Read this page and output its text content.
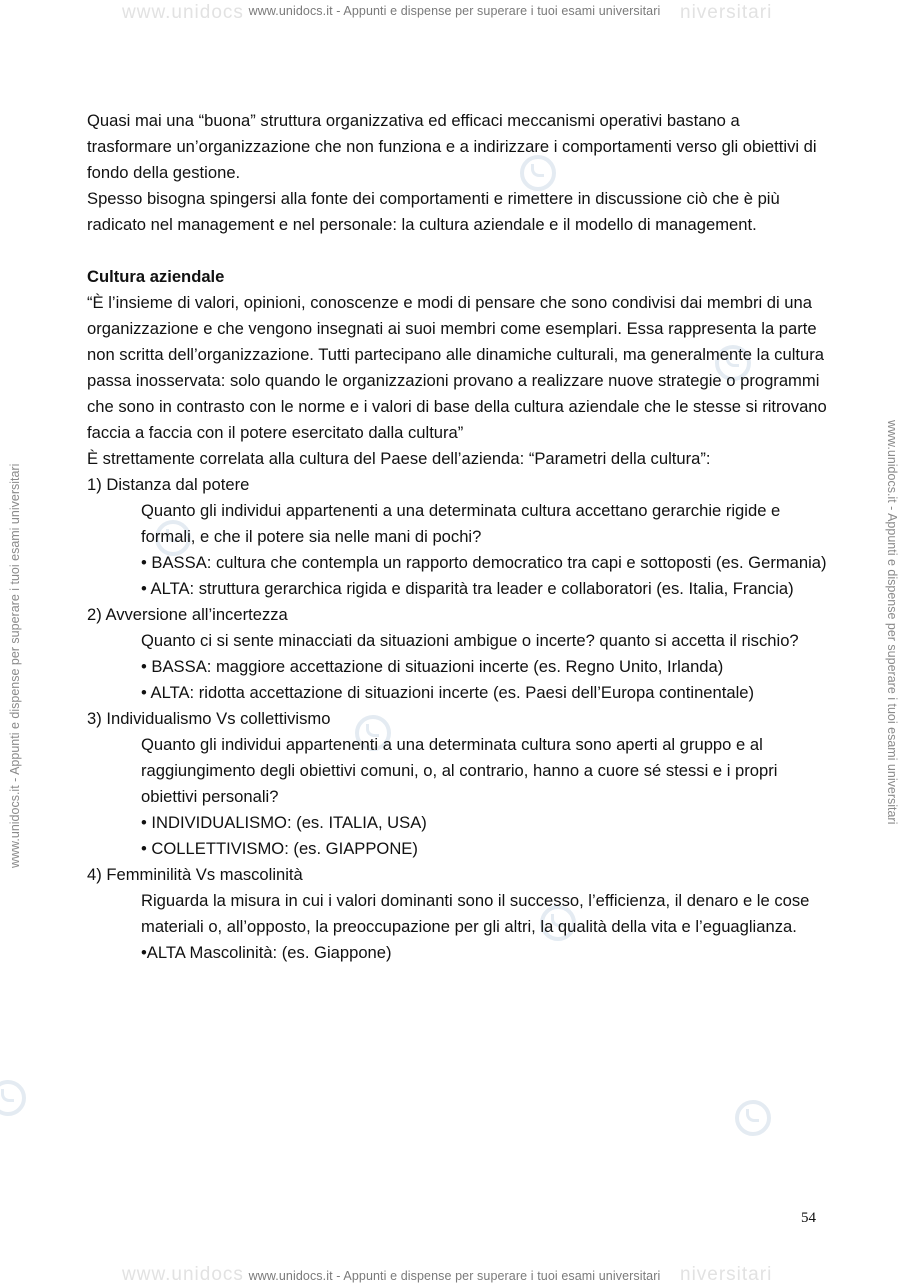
www.unidocs	niversitari
www.unidocs.it - Appunti e dispense per superare i tuoi esami universitari
www.unidocs	niversitari
www.unidocs.it - Appunti e dispense per superare i tuoi esami universitari
www.unidocs.it - Appunti e dispense per superare i tuoi esami universitari	www.unidocs.it - Appunti e dispense per superare i tuoi esami universitari

Quasi mai una “buona” struttura organizzativa ed efficaci meccanismi operativi bastano a trasformare un’organizzazione che non funziona e a indirizzare i comportamenti verso gli obiettivi di fondo della gestione.

Spesso bisogna spingersi alla fonte dei comportamenti e rimettere in discussione ciò che è più radicato nel management e nel personale: la cultura aziendale e il modello di management.

Cultura aziendale

“È l’insieme di valori, opinioni, conoscenze e modi di pensare che sono condivisi dai membri di una organizzazione e che vengono insegnati ai suoi membri come esemplari. Essa rappresenta la parte non scritta dell’organizzazione. Tutti partecipano alle dinamiche culturali, ma generalmente la cultura passa inosservata: solo quando le organizzazioni provano a realizzare nuove strategie o programmi che sono in contrasto con le norme e i valori di base della cultura aziendale che le stesse si ritrovano faccia a faccia con il potere esercitato dalla cultura”

È strettamente correlata alla cultura del Paese dell’azienda: “Parametri della cultura”:

1) Distanza dal potere

Quanto gli individui appartenenti a una determinata cultura accettano gerarchie rigide e formali, e che il potere sia nelle mani di pochi?

• BASSA: cultura che contempla un rapporto democratico tra capi e sottoposti (es. Germania)

• ALTA: struttura gerarchica rigida e disparità tra leader e collaboratori (es. Italia, Francia)

2) Avversione all’incertezza

Quanto ci si sente minacciati da situazioni ambigue o incerte? quanto si accetta il rischio?

• BASSA: maggiore accettazione di situazioni incerte (es. Regno Unito, Irlanda)

• ALTA: ridotta accettazione di situazioni incerte (es. Paesi dell’Europa continentale)

3) Individualismo Vs collettivismo

Quanto gli individui appartenenti a una determinata cultura sono aperti al gruppo e al raggiungimento degli obiettivi comuni, o, al contrario, hanno a cuore sé stessi e i propri obiettivi personali?

• INDIVIDUALISMO: (es. ITALIA, USA)

• COLLETTIVISMO: (es. GIAPPONE)

4) Femminilità Vs mascolinità

Riguarda la misura in cui i valori dominanti sono il successo, l’efficienza, il denaro e le cose materiali o, all’opposto, la preoccupazione per gli altri, la qualità della vita e l’eguaglianza.

•ALTA Mascolinità: (es. Giappone)

54
